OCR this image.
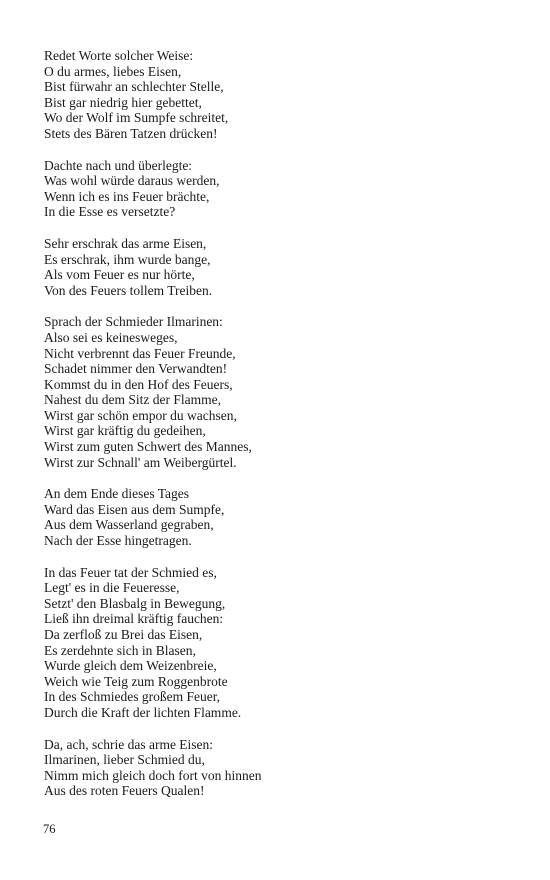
Redet Worte solcher Weise:
O du armes, liebes Eisen,
Bist fürwahr an schlechter Stelle,
Bist gar niedrig hier gebettet,
Wo der Wolf im Sumpfe schreitet,
Stets des Bären Tatzen drücken!
Dachte nach und überlegte:
Was wohl würde daraus werden,
Wenn ich es ins Feuer brächte,
In die Esse es versetzte?
Sehr erschrak das arme Eisen,
Es erschrak, ihm wurde bange,
Als vom Feuer es nur hörte,
Von des Feuers tollem Treiben.
Sprach der Schmieder Ilmarinen:
Also sei es keinesweges,
Nicht verbrennt das Feuer Freunde,
Schadet nimmer den Verwandten!
Kommst du in den Hof des Feuers,
Nahest du dem Sitz der Flamme,
Wirst gar schön empor du wachsen,
Wirst gar kräftig du gedeihen,
Wirst zum guten Schwert des Mannes,
Wirst zur Schnall' am Weibergürtel.
An dem Ende dieses Tages
Ward das Eisen aus dem Sumpfe,
Aus dem Wasserland gegraben,
Nach der Esse hingetragen.
In das Feuer tat der Schmied es,
Legt' es in die Feueresse,
Setzt' den Blasbalg in Bewegung,
Ließ ihn dreimal kräftig fauchen:
Da zerfloß zu Brei das Eisen,
Es zerdehnte sich in Blasen,
Wurde gleich dem Weizenbreie,
Weich wie Teig zum Roggenbrote
In des Schmiedes großem Feuer,
Durch die Kraft der lichten Flamme.
Da, ach, schrie das arme Eisen:
Ilmarinen, lieber Schmied du,
Nimm mich gleich doch fort von hinnen
Aus des roten Feuers Qualen!
76
